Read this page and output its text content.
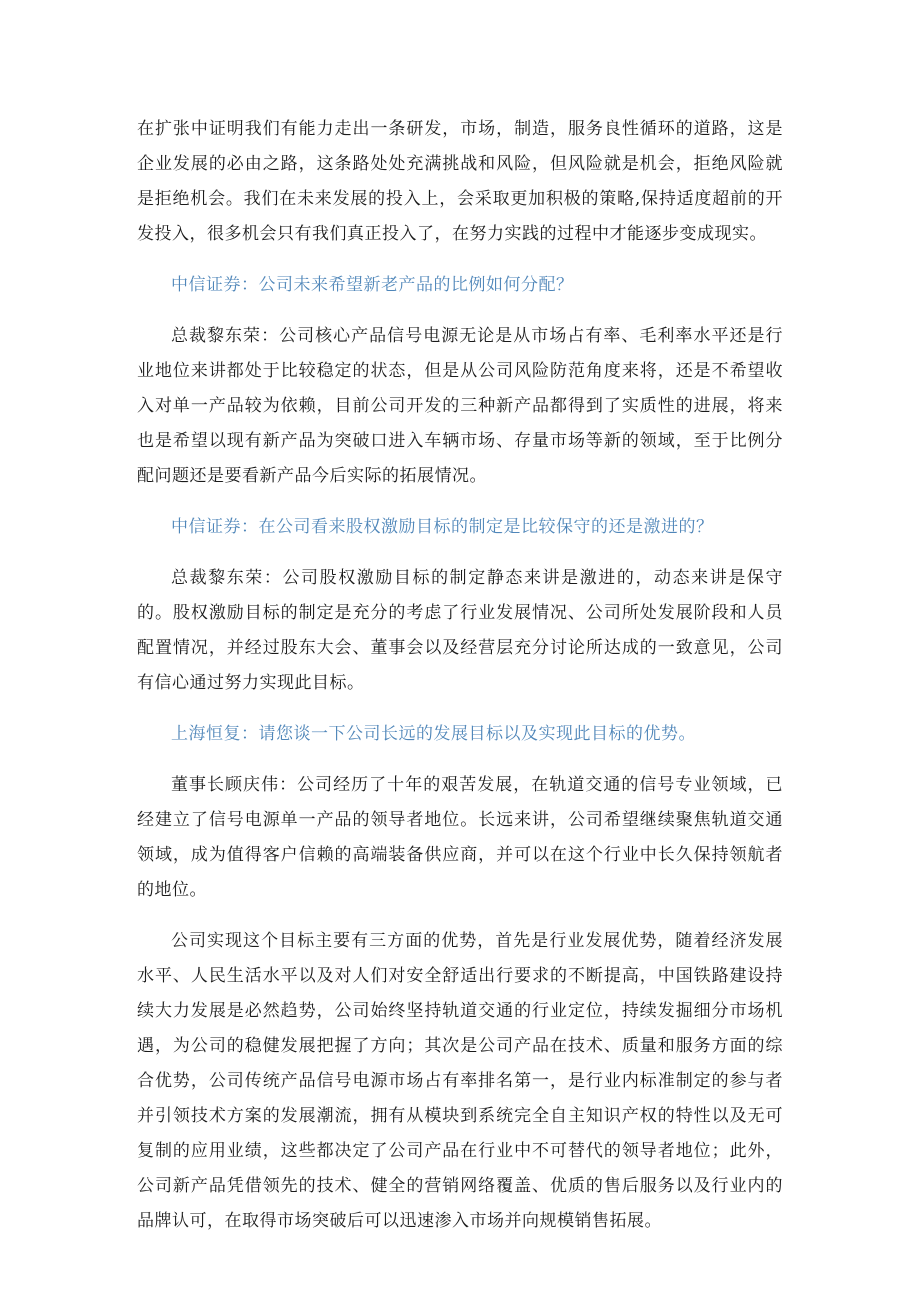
在扩张中证明我们有能力走出一条研发，市场，制造，服务良性循环的道路，这是企业发展的必由之路，这条路处处充满挑战和风险，但风险就是机会，拒绝风险就是拒绝机会。我们在未来发展的投入上，会采取更加积极的策略,保持适度超前的开发投入，很多机会只有我们真正投入了，在努力实践的过程中才能逐步变成现实。

中信证券：公司未来希望新老产品的比例如何分配？

总裁黎东荣：公司核心产品信号电源无论是从市场占有率、毛利率水平还是行业地位来讲都处于比较稳定的状态，但是从公司风险防范角度来将，还是不希望收入对单一产品较为依赖，目前公司开发的三种新产品都得到了实质性的进展，将来也是希望以现有新产品为突破口进入车辆市场、存量市场等新的领域，至于比例分配问题还是要看新产品今后实际的拓展情况。

中信证券：在公司看来股权激励目标的制定是比较保守的还是激进的？

总裁黎东荣：公司股权激励目标的制定静态来讲是激进的，动态来讲是保守的。股权激励目标的制定是充分的考虑了行业发展情况、公司所处发展阶段和人员配置情况，并经过股东大会、董事会以及经营层充分讨论所达成的一致意见，公司有信心通过努力实现此目标。

上海恒复：请您谈一下公司长远的发展目标以及实现此目标的优势。

董事长顾庆伟：公司经历了十年的艰苦发展，在轨道交通的信号专业领域，已经建立了信号电源单一产品的领导者地位。长远来讲，公司希望继续聚焦轨道交通领域，成为值得客户信赖的高端装备供应商，并可以在这个行业中长久保持领航者的地位。

公司实现这个目标主要有三方面的优势，首先是行业发展优势，随着经济发展水平、人民生活水平以及对人们对安全舒适出行要求的不断提高，中国铁路建设持续大力发展是必然趋势，公司始终坚持轨道交通的行业定位，持续发掘细分市场机遇，为公司的稳健发展把握了方向；其次是公司产品在技术、质量和服务方面的综合优势，公司传统产品信号电源市场占有率排名第一，是行业内标准制定的参与者并引领技术方案的发展潮流，拥有从模块到系统完全自主知识产权的特性以及无可复制的应用业绩，这些都决定了公司产品在行业中不可替代的领导者地位；此外，公司新产品凭借领先的技术、健全的营销网络覆盖、优质的售后服务以及行业内的品牌认可，在取得市场突破后可以迅速渗入市场并向规模销售拓展。
